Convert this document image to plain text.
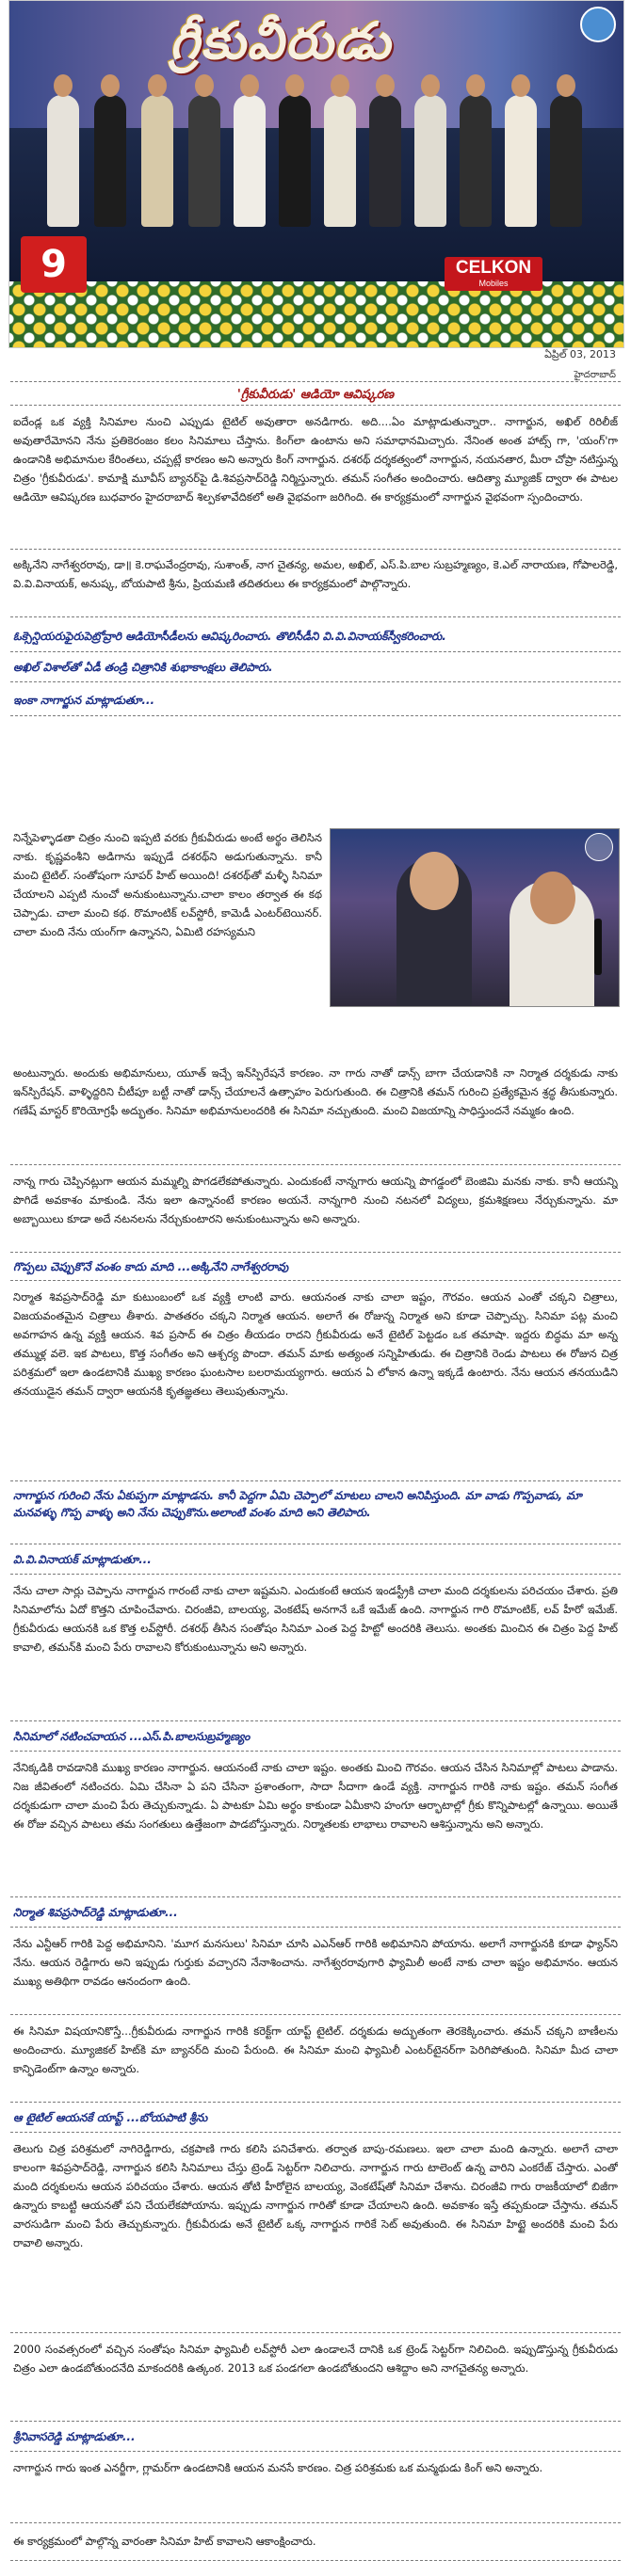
గ్రీకువీరుడు
9	CELKON
Mobiles
ఏప్రిల్ 03, 2013
హైదరాబాద్
'గ్రీకువీరుడు' ఆడియో ఆవిష్కరణ
ఐదేండ్ల ఒక వ్యక్తి సినిమాల నుంచి ఎప్పుడు టైటిల్ అవుతారా అనడిగారు. అది....ఏం మాట్లాడుతున్నారా.. నాగార్జున, అఖిల్ రిరిలీజ్ అవుతారేమోనని నేను ప్రతికెరంజం కలం సినిమాలు చేస్తాను. కింగ్‌లా ఉంటాను అని సమాధానమిచ్చారు. నేనింత అంత హాట్స్ గా, 'యంగ్'గా ఉండానికి అభిమానుల కేరింతలు, చప్పట్లే కారణం అని అన్నారు కింగ్ నాగార్జున. దశరథ్ దర్శకత్వంలో నాగార్జున, నయనతార, మీరా చోప్రా నటిస్తున్న చిత్రం 'గ్రీకువీరుడు'. కామాక్షి మూవీస్ బ్యానర్‌పై డి.శివప్రసాద్‌రెడ్డి నిర్మిస్తున్నారు. తమన్ సంగీతం అందించారు. ఆదిత్యా మ్యూజిక్ ద్వారా ఈ పాటల ఆడియో ఆవిష్కరణ బుధవారం హైదరాబాద్ శిల్పకళావేదికలో అతి వైభవంగా జరిగింది. ఈ కార్యక్రమంలో నాగార్జున వైభవంగా స్పందించారు.
అక్కినేని నాగేశ్వరరావు, డా॥ కె.రాఘవేంద్రరావు, సుశాంత్, నాగ చైతన్య, అమల, అఖిల్, ఎస్.పి.బాల సుబ్రహ్మణ్యం, కె.ఎల్ నారాయణ, గోపాలరెడ్డి, వి.వి.వినాయక్, అనుష్క, బోయపాటి శ్రీను, ప్రియమణి తదితరులు ఈ కార్యక్రమంలో పాల్గొన్నారు.
ఓక్సెన్షియరుఫైరుపెట్రోవ్రారి ఆడియోసీడీలను ఆవిష్కరించారు. తొలిసీడీని వి.వి.వినాయక్‌స్వీకరించారు.
అఖిల్ విశాల్‌తో ఏడీ తండ్రి చిత్రానికి శుభాకాంక్షలు తెలిపారు.
ఇంకా నాగార్జున మాట్లాడుతూ...
నిన్నేపెళ్ళాడతా చిత్రం నుంచి ఇప్పటి వరకు గ్రీకువీరుడు అంటే అర్థం తెలిసిన నాకు. కృష్ణవంశీని అడిగాను ఇప్పుడే దశరథ్‌ని అడుగుతున్నాను. కానీ మంచి టైటిల్. సంతోషంగా సూపర్ హిట్ అయింది! దశరథ్‌తో మళ్ళీ సినిమా చేయాలని ఎప్పటి నుంచో అనుకుంటున్నాను.చాలా కాలం తర్వాత ఈ కథ చెప్పాడు. చాలా మంచి కథ. రొమాంటిక్ లవ్‌స్టోరీ, కామెడీ ఎంటర్‌టెయినర్. చాలా మంది నేను యంగ్‌గా ఉన్నానని, ఏమిటి రహస్యమని
అంటున్నారు. అందుకు అభిమానులు, యూత్ ఇచ్చే ఇన్‌స్పిరేషనే కారణం. నా గారు నాతో డాన్స్ బాగా చేయడానికి నా నిర్మాత దర్శకుడు నాకు ఇన్‌స్పిరేషన్. వాళ్ళిద్దరిని చీటీపూ బట్టీ నాతో డాన్స్ చేయాలనే ఉత్సాహం పెరుగుతుంది. ఈ చిత్రానికి తమన్ గురించి ప్రత్యేకమైన శ్రద్ధ తీసుకున్నారు. గణేష్ మాస్టర్ కొరియోగ్రఫీ అద్భుతం. సినిమా అభిమానులందరికి ఈ సినిమా నచ్చుతుంది. మంచి విజయాన్ని సాధిస్తుందనే నమ్మకం ఉంది.
నాన్న గారు చెప్పినట్లుగా ఆయన మమ్మల్ని పొగడలేకపోతున్నారు. ఎందుకంటే నాన్నగారు ఆయన్ని పొగడ్డంలో బెంజిమి మనకు నాకు. కానీ ఆయన్ని పొగిడే అవకాశం మాకుండి. నేను ఇలా ఉన్నానంటే కారణం అయనే. నాన్నగారి నుంచి నటనలో విద్యలు, క్రమశిక్షణలు నేర్చుకున్నాను. మా అబ్బాయిలు కూడా అదే నటనలను నేర్చుకుంటారని అనుకుంటున్నాను అని అన్నారు.
గొప్పలు చెప్పుకొనే వంశం కాదు మాది ...అక్కినేని నాగేశ్వరరావు
నిర్మాత శివప్రసాద్‌రెడ్డి మా కుటుంబంలో ఒక వ్యక్తి లాంటి వారు. ఆయనంత నాకు చాలా ఇష్టం, గౌరవం. ఆయన ఎంతో చక్కని చిత్రాలు, విజయవంతమైన చిత్రాలు తీశారు. పాతతరం చక్కని నిర్మాత ఆయన. అలాగే ఈ రోజున్న నిర్మాత అని కూడా చెప్పొచ్చు. సినిమా పట్ల మంచి అవగాహన ఉన్న వ్యక్తి ఆయన. శివ ప్రసాద్ ఈ చిత్రం తీయడం రాదని గ్రీకువీరుడు అనే టైటిల్ పెట్టడం ఒక తమాషా. ఇద్దరు బిద్ధమ మా అన్న తమ్ముళ్ల వలె. ఇక పాటలు, కొత్త సంగీతం అని ఆశ్చర్య పొందా. తమన్ మాకు అత్యంత సన్నిహితుడు. ఈ చిత్రానికి రెండు పాటలు ఈ రోజున చిత్ర పరిశ్రమలో ఇలా ఉండటానికి ముఖ్య కారణం ఘంటసాల బలరామయ్యగారు. ఆయన ఏ లోకాన ఉన్నా ఇక్కడే ఉంటారు. నేను ఆయన తనయుడిని తనయుడైన తమన్ ద్వారా ఆయనకి కృతజ్ఞతలు తెలుపుతున్నాను.
నాగార్జున గురించి నేను ఏకుప్పగా మాట్లాడను. కానీ పెద్దగా ఏమి చెప్పాలో మాటలు చాలని అనిపిస్తుంది. మా వాడు గొప్పవాడు, మా మనవళ్ళు గొప్ప వాళ్ళు అని నేను చెప్పుకొను.అలాంటి వంశం మాది అని తెలిపారు.
వి.వి.వినాయక్ మాట్లాడుతూ...
నేను చాలా సార్లు చెప్పాను నాగార్జున గారంటే నాకు చాలా ఇష్టమని. ఎందుకంటే ఆయన ఇండస్ట్రీకి చాలా మంది దర్శకులను పరిచయం చేశారు. ప్రతి సినిమాలోను ఏదో కొత్తని చూపించేవారు. చిరంజీవి, బాలయ్య, వెంకటేష్ అనగానే ఒకే ఇమేజ్ ఉంది. నాగార్జున గారి రొమాంటిక్, లవ్ హీరో ఇమేజ్. గ్రీకువీరుడు ఆయనకి ఒక కొత్త లవ్‌స్టోరీ. దశరథ్ తీసిన సంతోషం సినిమా ఎంత పెద్ద హిట్టో అందరికి తెలుసు. అంతకు మించిన ఈ చిత్రం పెద్ద హిట్ కావాలి, తమన్‌కి మంచి పేరు రావాలని కోరుకుంటున్నాను అని అన్నారు.
సినిమాలో నటించవాయన ...ఎస్.పి.బాలసుబ్రహ్మణ్యం
నేనిక్కడికి రావడానికి ముఖ్య కారణం నాగార్జున. ఆయనంటే నాకు చాలా ఇష్టం. అంతకు మించి గౌరవం. ఆయన చేసిన సినిమాల్లో పాటలు పాడాను. నిజ జీవితంలో నటించరు. ఏమి చేసినా ఏ పని చేసినా ప్రశాంతంగా, సాదా సీదాగా ఉండే వ్యక్తి. నాగార్జున గారికి నాకు ఇష్టం. తమన్ సంగీత దర్శకుడుగా చాలా మంచి పేరు తెచ్చుకున్నాడు. ఏ పాటకూ ఏమి అర్థం కాకుండా ఏమీకాని హంగూ ఆర్భాటాల్లో గ్రీకు కొన్నిపాటల్లో ఉన్నాయి. అయితే ఈ రోజు వచ్చిన పాటలు తమ సంగతులు ఉత్తేజంగా పాడబోస్తున్నారు. నిర్మాతలకు లాభాలు రావాలని ఆశిస్తున్నాను అని అన్నారు.
నిర్మాత శివప్రసాద్‌రెడ్డి మాట్లాడుతూ...
నేను ఎన్టీఆర్ గారికి పెద్ద అభిమానిని. 'మూగ మనసులు' సినిమా చూసి ఎఎన్ఆర్ గారికి అభిమానిని పోయాను. అలాగే నాగార్జునకి కూడా ఫ్యాన్‌ని నేను. ఆయన రెడ్డిగారు అని ఇప్పుడు గుర్తుకు వచ్చారని నేనాశించాను. నాగేశ్వరరావుగారి ఫ్యామిలీ అంటే నాకు చాలా ఇష్టం అభిమానం. ఆయన ముఖ్య అతిథిగా రావడం ఆనందంగా ఉంది.
ఈ సినిమా విషయానికొస్తే...గ్రీకువీరుడు నాగార్జున గారికి కరెక్ట్‌గా యాప్ట్ టైటిల్. దర్శకుడు అద్భుతంగా తెరకెక్కించారు. తమన్ చక్కని బాణీలను అందించారు. మ్యూజికల్ హిట్‌కి మా బ్యానర్‌ది మంచి పేరుంది. ఈ సినిమా మంచి ఫ్యామిలీ ఎంటర్‌టైనర్‌గా పెరిగిపోతుంది. సినిమా మీద చాలా కాన్ఫిడెంట్‌గా ఉన్నాం అన్నారు.
ఆ టైటిల్ ఆయనకే యాప్ట్ ...బోయపాటి శ్రీను
తెలుగు చిత్ర పరిశ్రమలో నాగిరెడ్డిగారు, చక్రపాణి గారు కలిసి పనిచేశారు. తర్వాత బాపు-రమణలు. ఇలా చాలా మంది ఉన్నారు. అలాగే చాలా కాలంగా శివప్రసాద్‌రెడ్డి, నాగార్జున కలిసి సినిమాలు చేస్తు ట్రెండ్ సెట్టర్‌గా నిలిచారు. నాగార్జున గారు టాలెంట్ ఉన్న వారిని ఎంకరేజ్ చేస్తారు. ఎంతో మంది దర్శకులను ఆయన పరిచయం చేశారు. ఆయన తోటి హీరోలైన బాలయ్య, వెంకటేష్‌తో సినిమా చేశాను. చిరంజీవి గారు రాజకీయాలో బిజీగా ఉన్నారు కాబట్టి ఆయనతో పని చేయలేకపోయాను. ఇప్పుడు నాగార్జున గారితో కూడా చేయాలని ఉంది. అవకాశం ఇస్తే తప్పకుండా చేస్తాను. తమన్ వారసుడిగా మంచి పేరు తెచ్చుకున్నారు. గ్రీకువీరుడు అనే టైటిల్ ఒక్క నాగార్జున గారికే సెట్ అవుతుంది. ఈ సినిమా హిట్టై అందరికి మంచి పేరు రావాలి అన్నారు.
2000 సంవత్సరంలో వచ్చిన సంతోషం సినిమా ఫ్యామిలీ లవ్‌స్టోరీ ఎలా ఉండాలనే దానికి ఒక ట్రెండ్ సెట్టర్‌గా నిలిచింది. ఇప్పుడొస్తున్న గ్రీకువీరుడు చిత్రం ఎలా ఉండబోతుందనేది మాకందరికి ఉత్కంఠ. 2013 ఒక పండగలా ఉండబోతుందని ఆశిద్దాం అని నాగచైతన్య అన్నారు.
శ్రీనివాసరెడ్డి మాట్లాడుతూ...
నాగార్జున గారు ఇంత ఎనర్జీగా, గ్లామర్‌గా ఉండటానికి ఆయన మనసే కారణం. చిత్ర పరిశ్రమకు ఒక మన్మథుడు కింగ్ అని అన్నారు.
ఈ కార్యక్రమంలో పాల్గొన్న వారంతా సినిమా హిట్ కావాలని ఆకాంక్షించారు.
